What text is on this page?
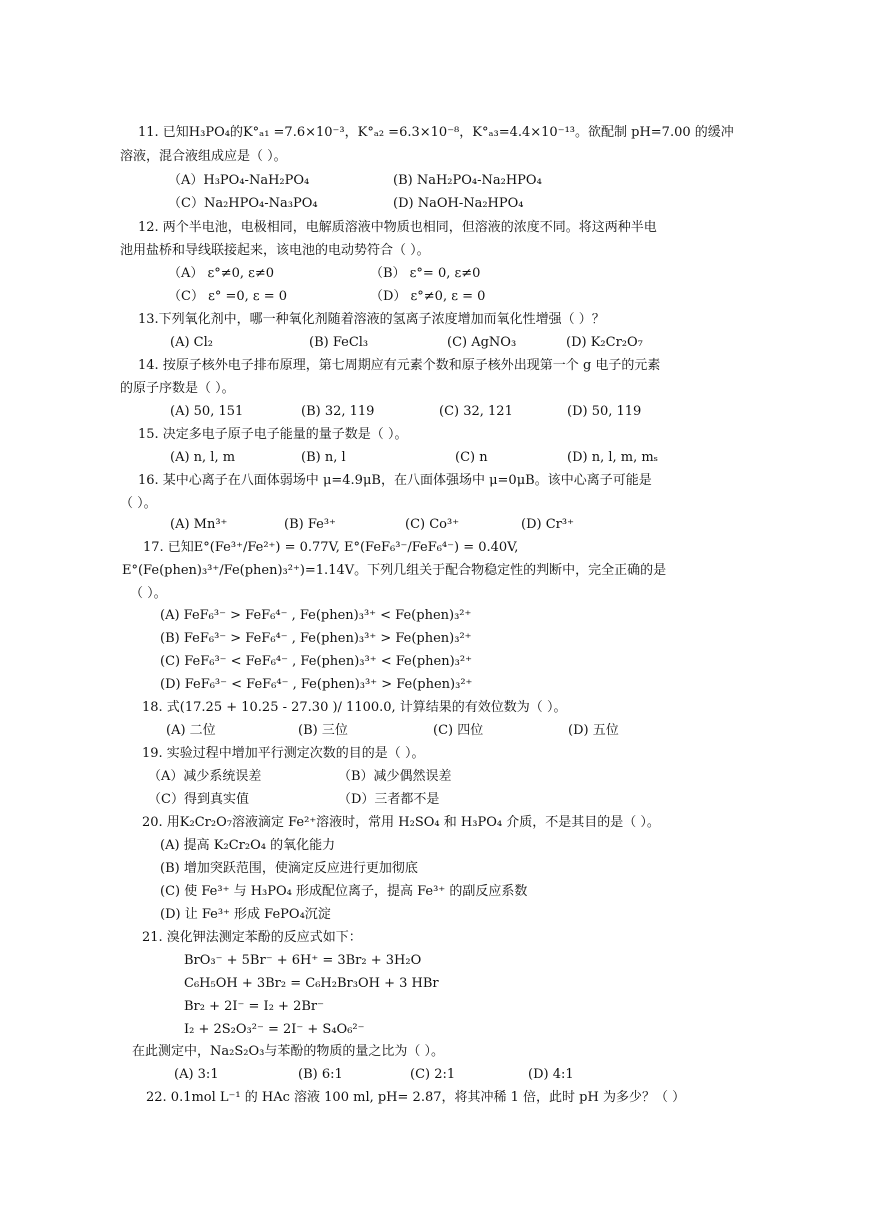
11. 已知H₃PO₄的K°ₐ₁ =7.6×10⁻³，K°ₐ₂ =6.3×10⁻⁸，K°ₐ₃=4.4×10⁻¹³。欲配制 pH=7.00 的缓冲
溶液，混合液组成应是（ ）。
（A）H₃PO₄-NaH₂PO₄	(B) NaH₂PO₄-Na₂HPO₄
（C）Na₂HPO₄-Na₃PO₄	(D) NaOH-Na₂HPO₄
12. 两个半电池，电极相同，电解质溶液中物质也相同，但溶液的浓度不同。将这两种半电
池用盐桥和导线联接起来，该电池的电动势符合（ ）。
（A） ε°≠0, ε≠0	（B） ε°= 0, ε≠0
（C） ε° =0, ε = 0	（D） ε°≠0, ε = 0
13.下列氧化剂中，哪一种氧化剂随着溶液的氢离子浓度增加而氧化性增强（ ）？
(A) Cl₂	(B) FeCl₃	(C) AgNO₃	(D) K₂Cr₂O₇
14. 按原子核外电子排布原理，第七周期应有元素个数和原子核外出现第一个 g 电子的元素
的原子序数是（ ）。
(A) 50, 151	(B) 32, 119	(C) 32, 121	(D) 50, 119
15. 决定多电子原子电子能量的量子数是（ ）。
(A) n, l, m	(B) n, l	(C) n	(D) n, l, m, mₛ
16. 某中心离子在八面体弱场中 μ=4.9μB，在八面体强场中 μ=0μB。该中心离子可能是
（ ）。
(A) Mn³⁺	(B) Fe³⁺	(C) Co³⁺	(D) Cr³⁺
17. 已知E°(Fe³⁺/Fe²⁺) = 0.77V, E°(FeF₆³⁻/FeF₆⁴⁻) = 0.40V,
E°(Fe(phen)₃³⁺/Fe(phen)₃²⁺)=1.14V。下列几组关于配合物稳定性的判断中，完全正确的是
（ ）。
(A) FeF₆³⁻ > FeF₆⁴⁻ , Fe(phen)₃³⁺ < Fe(phen)₃²⁺
(B) FeF₆³⁻ > FeF₆⁴⁻ , Fe(phen)₃³⁺ > Fe(phen)₃²⁺
(C) FeF₆³⁻ < FeF₆⁴⁻ , Fe(phen)₃³⁺ < Fe(phen)₃²⁺
(D) FeF₆³⁻ < FeF₆⁴⁻ , Fe(phen)₃³⁺ > Fe(phen)₃²⁺
18. 式(17.25 + 10.25 - 27.30 )/ 1100.0, 计算结果的有效位数为（ ）。
(A) 二位	(B) 三位	(C) 四位	(D) 五位
19. 实验过程中增加平行测定次数的目的是（ ）。
（A）减少系统误差	（B）减少偶然误差
（C）得到真实值	（D）三者都不是
20. 用K₂Cr₂O₇溶液滴定 Fe²⁺溶液时，常用 H₂SO₄ 和 H₃PO₄ 介质，不是其目的是（ ）。
(A) 提高 K₂Cr₂O₄ 的氧化能力
(B) 增加突跃范围，使滴定反应进行更加彻底
(C) 使 Fe³⁺ 与 H₃PO₄ 形成配位离子，提高 Fe³⁺ 的副反应系数
(D) 让 Fe³⁺ 形成 FePO₄沉淀
21. 溴化钾法测定苯酚的反应式如下：
BrO₃⁻ + 5Br⁻ + 6H⁺ = 3Br₂ + 3H₂O
C₆H₅OH + 3Br₂ = C₆H₂Br₃OH + 3 HBr
Br₂ + 2I⁻ = I₂ + 2Br⁻
I₂ + 2S₂O₃²⁻ = 2I⁻ + S₄O₆²⁻
在此测定中，Na₂S₂O₃与苯酚的物质的量之比为（ ）。
(A) 3:1	(B) 6:1	(C) 2:1	(D) 4:1
22. 0.1mol L⁻¹ 的 HAc 溶液 100 ml, pH= 2.87，将其冲稀 1 倍，此时 pH 为多少？（ ）
